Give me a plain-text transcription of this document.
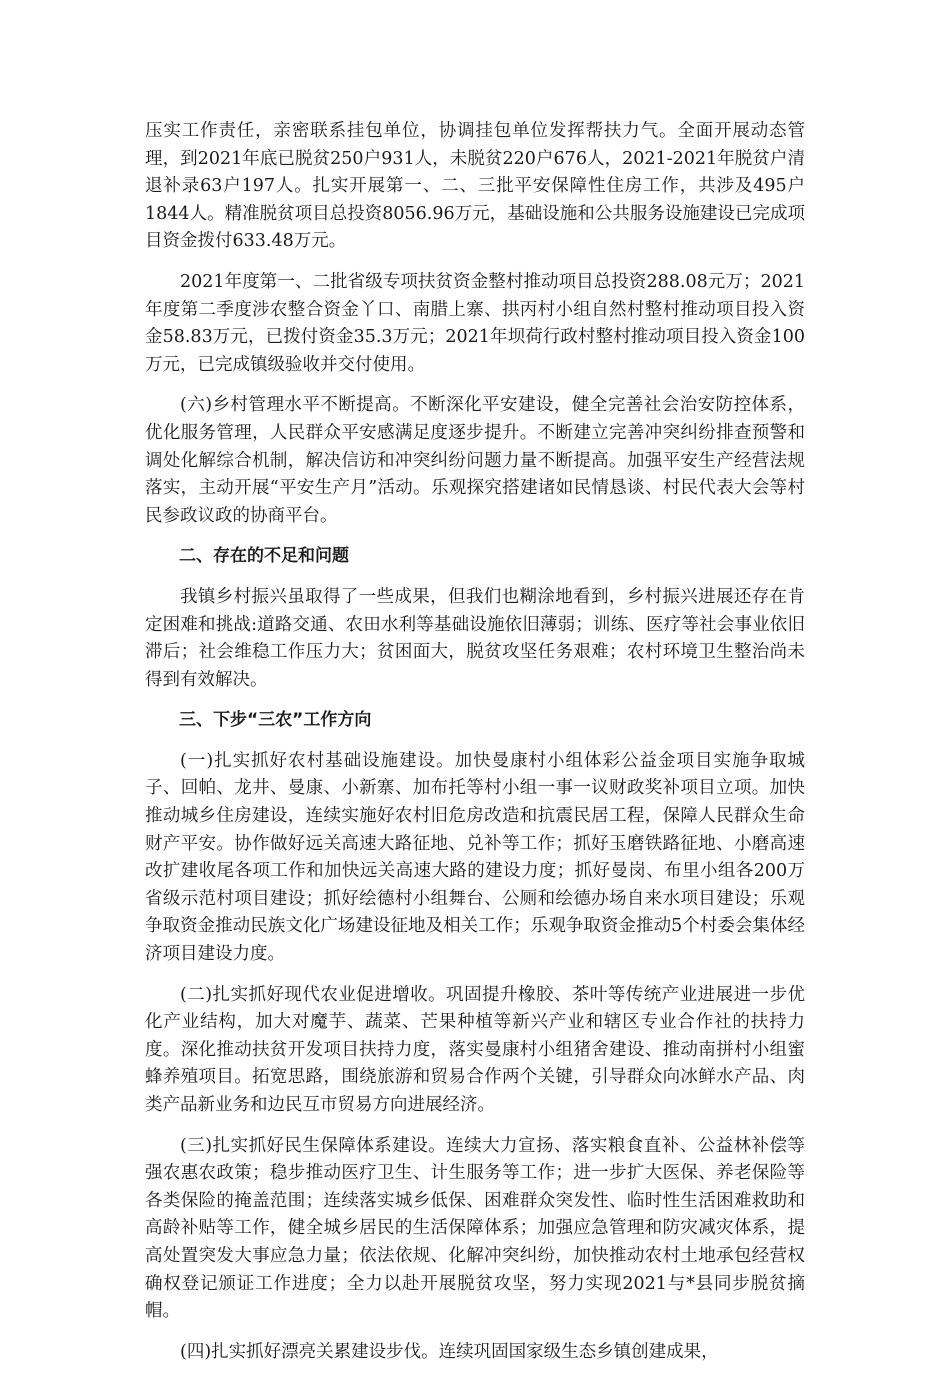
压实工作责任，亲密联系挂包单位，协调挂包单位发挥帮扶力气。全面开展动态管理，到2021年底已脱贫250户931人，未脱贫220户676人，2021-2021年脱贫户清退补录63户197人。扎实开展第一、二、三批平安保障性住房工作，共涉及495户1844人。精准脱贫项目总投资8056.96万元，基础设施和公共服务设施建设已完成项目资金拨付633.48万元。

2021年度第一、二批省级专项扶贫资金整村推动项目总投资288.08元万；2021年度第二季度涉农整合资金丫口、南腊上寨、拱丙村小组自然村整村推动项目投入资金58.83万元，已拨付资金35.3万元；2021年坝荷行政村整村推动项目投入资金100万元，已完成镇级验收并交付使用。

(六)乡村管理水平不断提高。不断深化平安建设，健全完善社会治安防控体系，优化服务管理，人民群众平安感满足度逐步提升。不断建立完善冲突纠纷排查预警和调处化解综合机制，解决信访和冲突纠纷问题力量不断提高。加强平安生产经营法规落实，主动开展“平安生产月”活动。乐观探究搭建诸如民情恳谈、村民代表大会等村民参政议政的协商平台。

二、存在的不足和问题

我镇乡村振兴虽取得了一些成果，但我们也糊涂地看到，乡村振兴进展还存在肯定困难和挑战:道路交通、农田水利等基础设施依旧薄弱；训练、医疗等社会事业依旧滞后；社会维稳工作压力大；贫困面大，脱贫攻坚任务艰难；农村环境卫生整治尚未得到有效解决。

三、下步“三农”工作方向

(一)扎实抓好农村基础设施建设。加快曼康村小组体彩公益金项目实施争取城子、回帕、龙井、曼康、小新寨、加布托等村小组一事一议财政奖补项目立项。加快推动城乡住房建设，连续实施好农村旧危房改造和抗震民居工程，保障人民群众生命财产平安。协作做好远关高速大路征地、兑补等工作；抓好玉磨铁路征地、小磨高速改扩建收尾各项工作和加快远关高速大路的建设力度；抓好曼岗、布里小组各200万省级示范村项目建设；抓好绘德村小组舞台、公厕和绘德办场自来水项目建设；乐观争取资金推动民族文化广场建设征地及相关工作；乐观争取资金推动5个村委会集体经济项目建设力度。

(二)扎实抓好现代农业促进增收。巩固提升橡胶、茶叶等传统产业进展进一步优化产业结构，加大对魔芋、蔬菜、芒果种植等新兴产业和辖区专业合作社的扶持力度。深化推动扶贫开发项目扶持力度，落实曼康村小组猪舍建设、推动南拼村小组蜜蜂养殖项目。拓宽思路，围绕旅游和贸易合作两个关键，引导群众向冰鲜水产品、肉类产品新业务和边民互市贸易方向进展经济。

(三)扎实抓好民生保障体系建设。连续大力宣扬、落实粮食直补、公益林补偿等强农惠农政策；稳步推动医疗卫生、计生服务等工作；进一步扩大医保、养老保险等各类保险的掩盖范围；连续落实城乡低保、困难群众突发性、临时性生活困难救助和高龄补贴等工作，健全城乡居民的生活保障体系；加强应急管理和防灾减灾体系，提高处置突发大事应急力量；依法依规、化解冲突纠纷，加快推动农村土地承包经营权确权登记颁证工作进度；全力以赴开展脱贫攻坚，努力实现2021与*县同步脱贫摘帽。

(四)扎实抓好漂亮关累建设步伐。连续巩固国家级生态乡镇创建成果，
